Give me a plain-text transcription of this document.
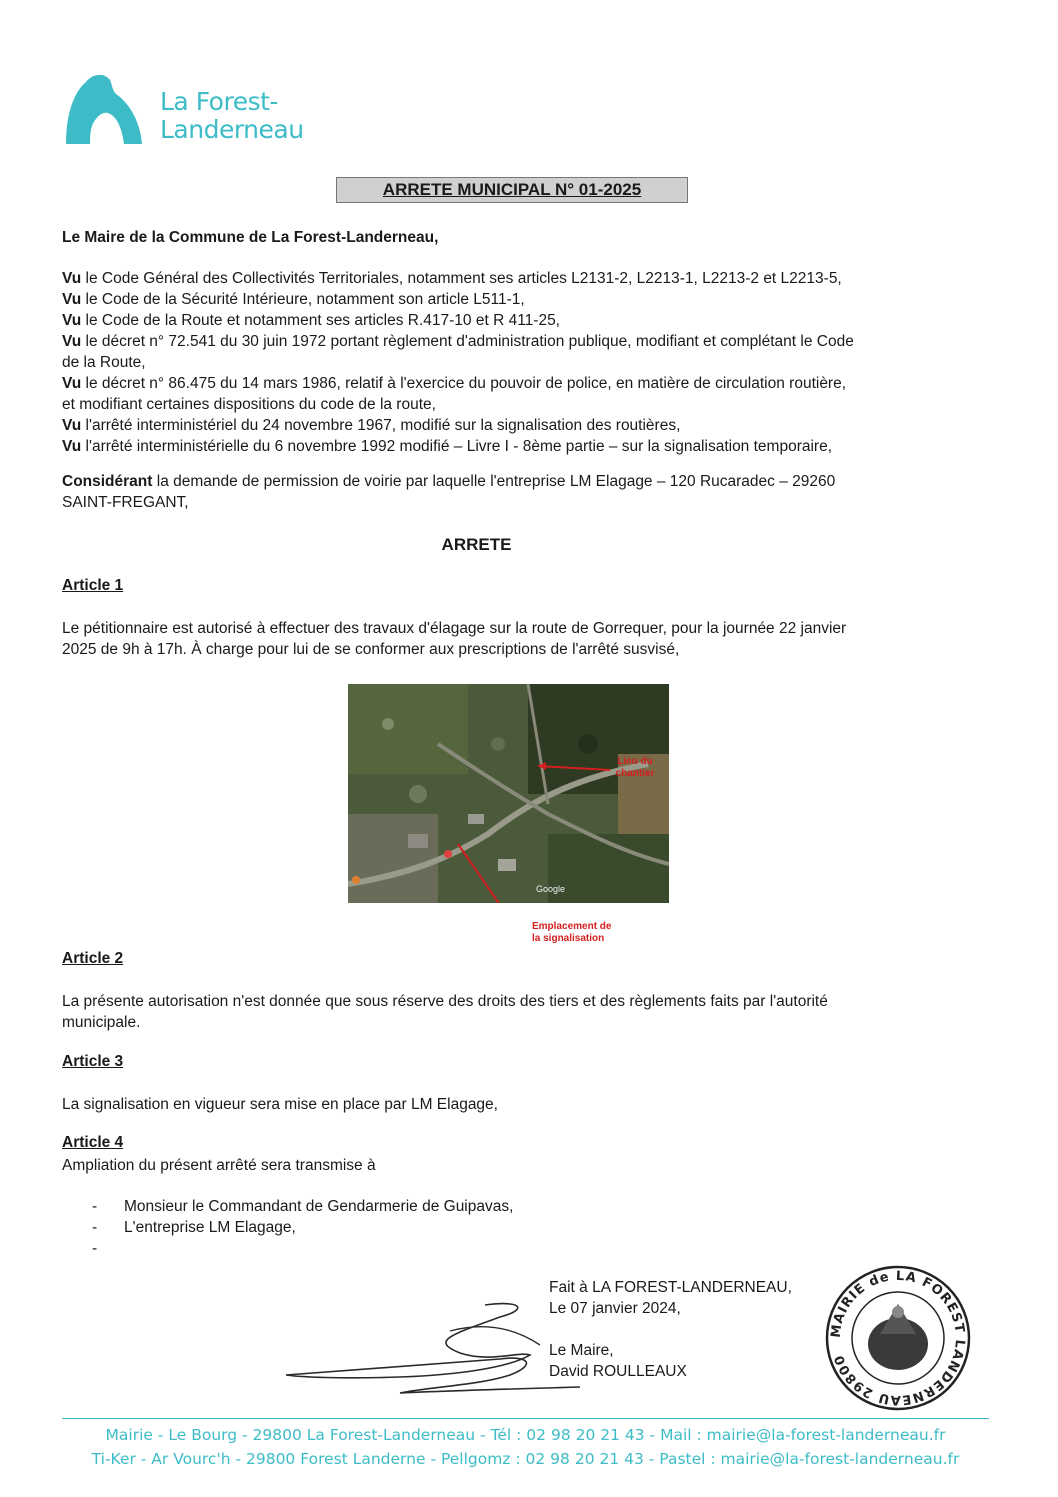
La Forest-
Landerneau
ARRETE MUNICIPAL N° 01-2025
Le Maire de la Commune de La Forest-Landerneau,
Vu le Code Général des Collectivités Territoriales, notamment ses articles L2131-2, L2213-1, L2213-2 et L2213-5,
Vu le Code de la Sécurité Intérieure, notamment son article L511-1,
Vu le Code de la Route et notamment ses articles R.417-10 et R 411-25,
Vu le décret n° 72.541 du 30 juin 1972 portant règlement d'administration publique, modifiant et complétant le Code
de la Route,
Vu le décret n° 86.475 du 14 mars 1986, relatif à l'exercice du pouvoir de police, en matière de circulation routière,
et modifiant certaines dispositions du code de la route,
Vu l'arrêté interministériel du 24 novembre 1967, modifié sur la signalisation des routières,
Vu l'arrêté interministérielle du 6 novembre 1992 modifié – Livre I - 8ème partie – sur la signalisation temporaire,
Considérant la demande de permission de voirie par laquelle l'entreprise LM Elagage – 120 Rucaradec – 29260
SAINT-FREGANT,
ARRETE
Article 1
Le pétitionnaire est autorisé à effectuer des travaux d'élagage sur la route de Gorrequer, pour la journée 22 janvier
2025 de 9h à 17h. À charge pour lui de se conformer aux prescriptions de l'arrêté susvisé,
Lieu du chantier
Google
Emplacement de
la signalisation
Article 2
La présente autorisation n'est donnée que sous réserve des droits des tiers et des règlements faits par l'autorité
municipale.
Article 3
La signalisation en vigueur sera mise en place par LM Elagage,
Article 4
Ampliation du présent arrêté sera transmise à
- Monsieur le Commandant de Gendarmerie de Guipavas,
- L'entreprise LM Elagage,
-
Fait à LA FOREST-LANDERNEAU,
Le 07 janvier 2024,
Le Maire,
David ROULLEAUX
MAIRIE de LA FOREST LANDERNEAU 29800
Mairie - Le Bourg - 29800 La Forest-Landerneau - Tél : 02 98 20 21 43 - Mail : mairie@la-forest-landerneau.fr
Ti-Ker - Ar Vourc'h - 29800 Forest Landerne - Pellgomz : 02 98 20 21 43 - Pastel : mairie@la-forest-landerneau.fr
